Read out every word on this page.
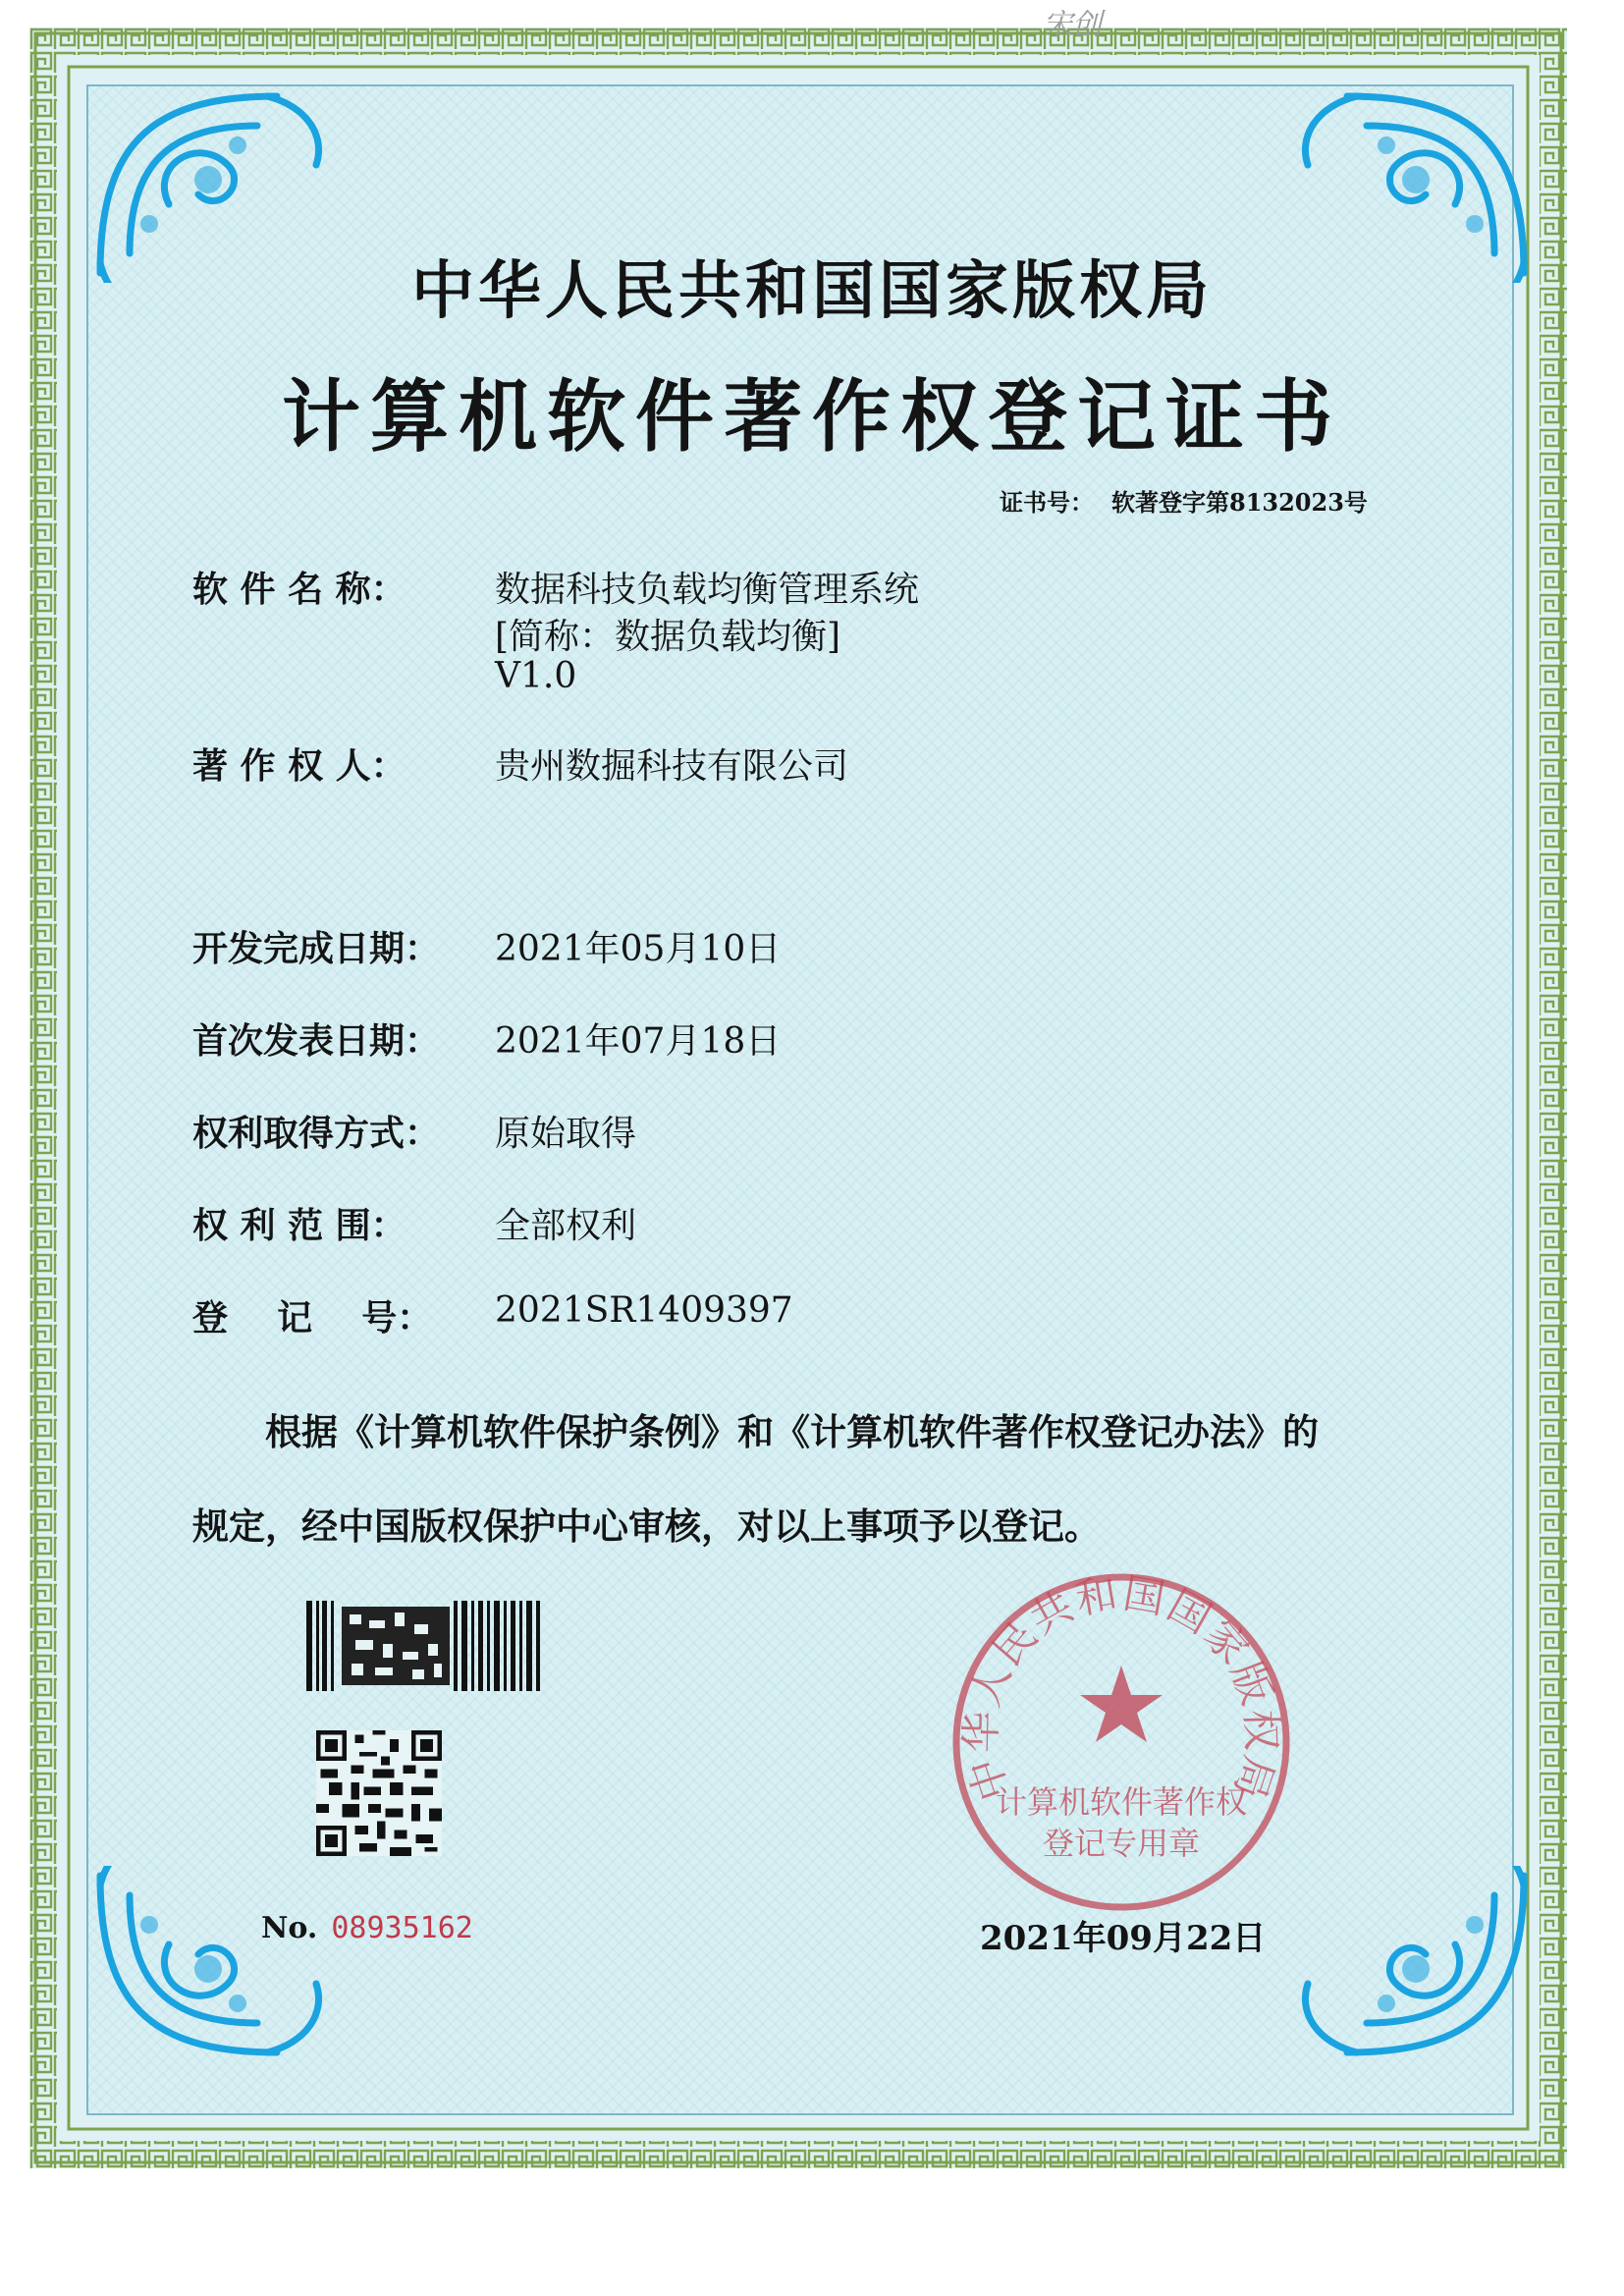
宋创
中华人民共和国国家版权局
计算机软件著作权登记证书
证书号： 软著登字第8132023号
软 件 名 称：	数据科技负载均衡管理系统
[简称：数据负载均衡]
V1.0
著 作 权 人：	贵州数掘科技有限公司
开发完成日期：	2021年05月10日
首次发表日期：	2021年07月18日
权利取得方式：	原始取得
权 利 范 围：	全部权利
登    记    号：	2021SR1409397
根据《计算机软件保护条例》和《计算机软件著作权登记办法》的
规定，经中国版权保护中心审核，对以上事项予以登记。
No. 08935162
中华人民共和国国家版权局
计算机软件著作权
登记专用章
2021年09月22日
